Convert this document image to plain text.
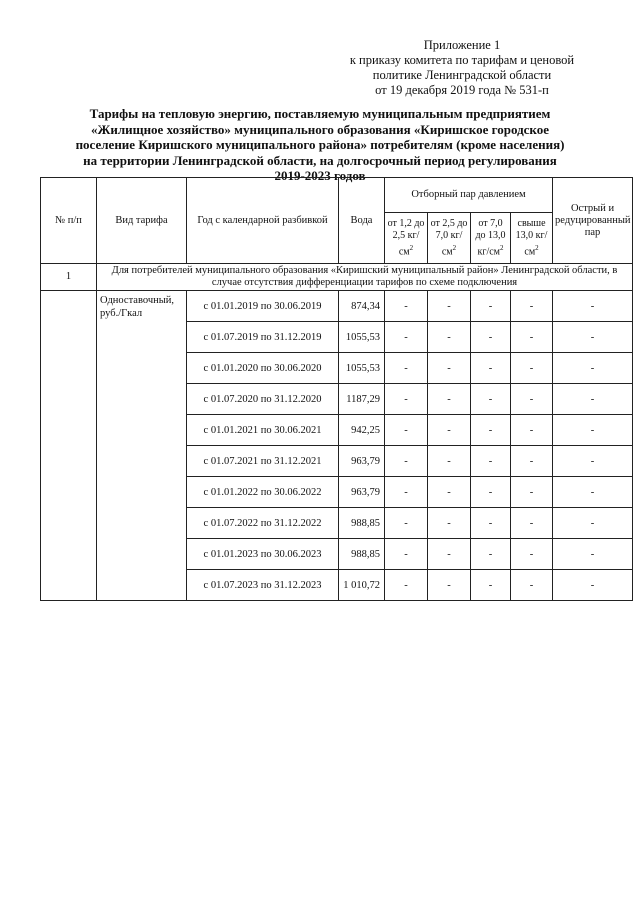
Приложение 1
к приказу комитета по тарифам и ценовой
политике Ленинградской области
от 19 декабря 2019 года № 531-п
Тарифы на тепловую энергию, поставляемую муниципальным предприятием «Жилищное хозяйство» муниципального образования «Киришское городское поселение Киришского муниципального района» потребителям (кроме населения) на территории Ленинградской области, на долгосрочный период регулирования 2019-2023 годов
№ п/п	Вид тарифа	Год с календарной разбивкой	Вода	Отборный пар давлением				Острый и редуцированный пар
				от 1,2 до 2,5 $кг/см^2$	от 2,5 до 7,0 $кг/см^2$	от 7,0 до 13,0 $кг/см^2$	свыше 13,0 $кг/см^2$
1	Для потребителей муниципального образования «Киришский муниципальный район» Ленинградской области, в случае отсутствия дифференциации тарифов по схеме подключения							
	Одноставочный, руб./Гкал	с 01.01.2019 по 30.06.2019	874,34	-	-	-	-	-
		с 01.07.2019 по 31.12.2019	1055,53	-	-	-	-	-
		с 01.01.2020 по 30.06.2020	1055,53	-	-	-	-	-
		с 01.07.2020 по 31.12.2020	1187,29	-	-	-	-	-
		с 01.01.2021 по 30.06.2021	942,25	-	-	-	-	-
		с 01.07.2021 по 31.12.2021	963,79	-	-	-	-	-
		с 01.01.2022 по 30.06.2022	963,79	-	-	-	-	-
		с 01.07.2022 по 31.12.2022	988,85	-	-	-	-	-
		с 01.01.2023 по 30.06.2023	988,85	-	-	-	-	-
		с 01.07.2023 по 31.12.2023	1 010,72	-	-	-	-	-
